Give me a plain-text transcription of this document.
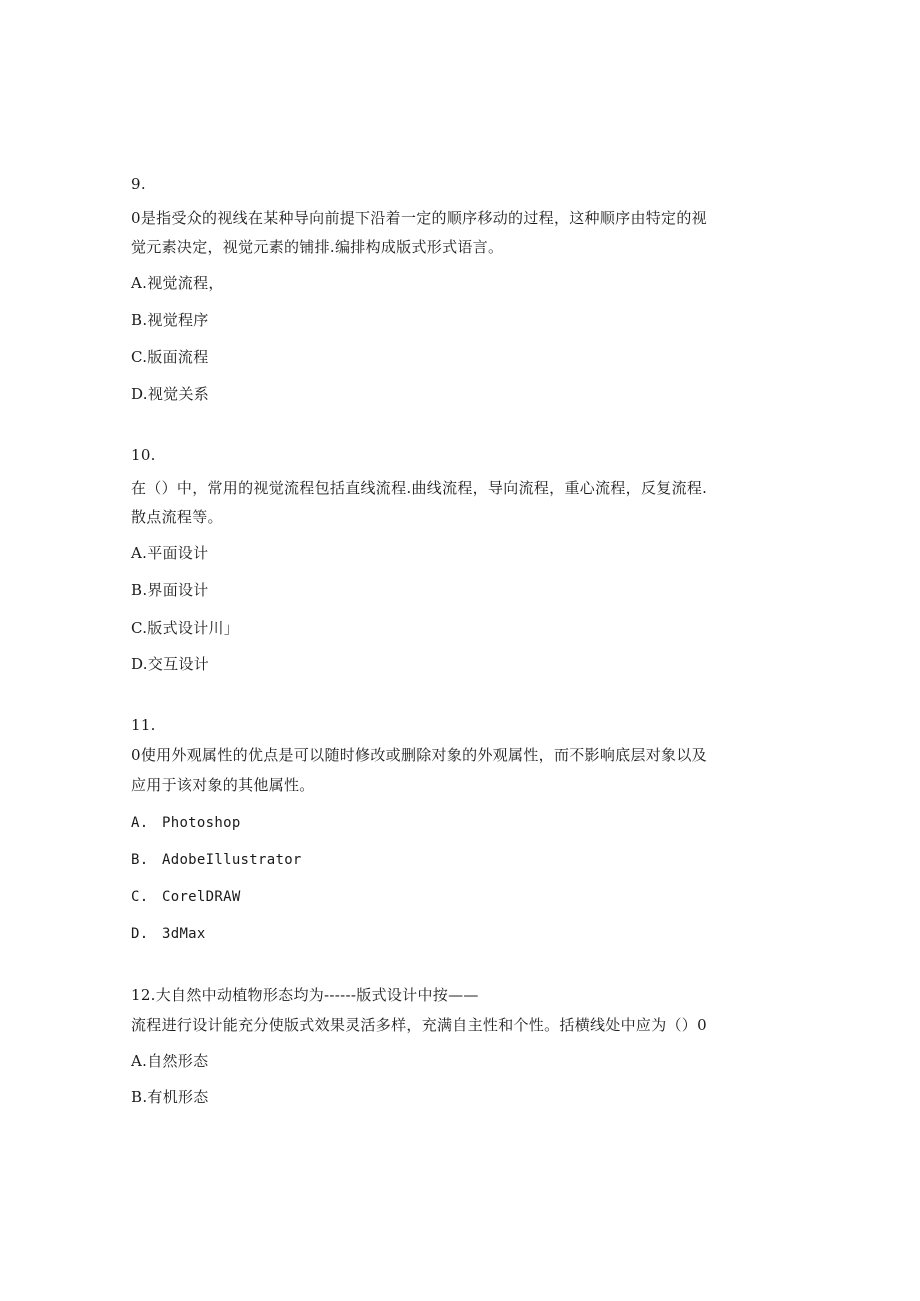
9.
0是指受众的视线在某种导向前提下沿着一定的顺序移动的过程，这种顺序由特定的视
觉元素决定，视觉元素的铺排.编排构成版式形式语言。
A.视觉流程，
B.视觉程序
C.版面流程
D.视觉关系
10.
在（）中，常用的视觉流程包括直线流程.曲线流程，导向流程，重心流程，反复流程.
散点流程等。
A.平面设计
B.界面设计
C.版式设计川」
D.交互设计
11.
0使用外观属性的优点是可以随时修改或删除对象的外观属性，而不影响底层对象以及
应用于该对象的其他属性。
A. Photoshop
B. AdobeIllustrator
C. CorelDRAW
D. 3dMax
12.大自然中动植物形态均为------版式设计中按——
流程进行设计能充分使版式效果灵活多样，充满自主性和个性。括横线处中应为（）0
A.自然形态
B.有机形态
